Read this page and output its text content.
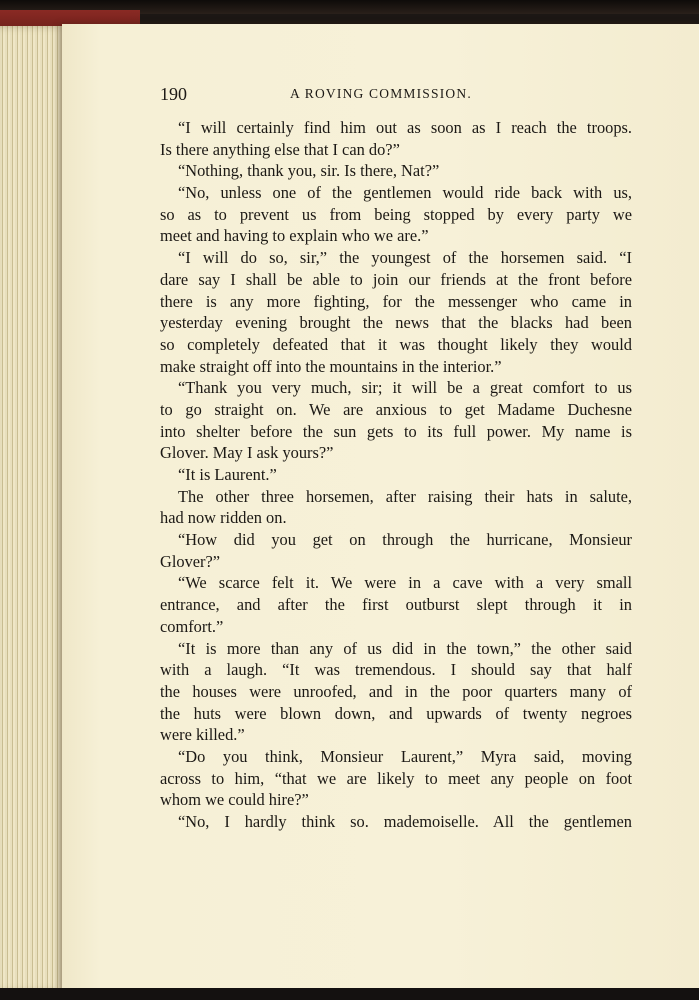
190	A ROVING COMMISSION.
“I will certainly find him out as soon as I reach the troops.
Is there anything else that I can do?”
“Nothing, thank you, sir. Is there, Nat?”
“No, unless one of the gentlemen would ride back with us,
so as to prevent us from being stopped by every party we
meet and having to explain who we are.”
“I will do so, sir,” the youngest of the horsemen said. “I
dare say I shall be able to join our friends at the front before
there is any more fighting, for the messenger who came in
yesterday evening brought the news that the blacks had been
so completely defeated that it was thought likely they would
make straight off into the mountains in the interior.”
“Thank you very much, sir; it will be a great comfort to us
to go straight on. We are anxious to get Madame Duchesne
into shelter before the sun gets to its full power. My name is
Glover. May I ask yours?”
“It is Laurent.”
The other three horsemen, after raising their hats in salute,
had now ridden on.
“How did you get on through the hurricane, Monsieur
Glover?”
“We scarce felt it. We were in a cave with a very small
entrance, and after the first outburst slept through it in
comfort.”
“It is more than any of us did in the town,” the other said
with a laugh. “It was tremendous. I should say that half
the houses were unroofed, and in the poor quarters many of
the huts were blown down, and upwards of twenty negroes
were killed.”
“Do you think, Monsieur Laurent,” Myra said, moving
across to him, “that we are likely to meet any people on foot
whom we could hire?”
“No, I hardly think so. mademoiselle. All the gentlemen
